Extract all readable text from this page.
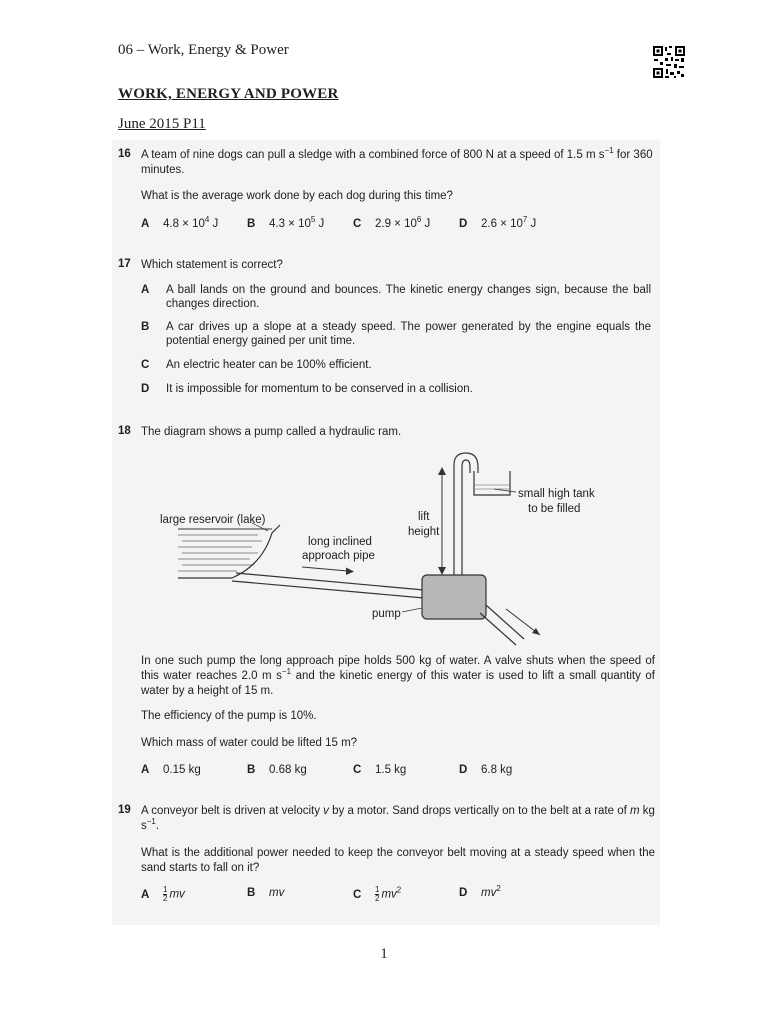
06 – Work, Energy & Power
WORK, ENERGY AND POWER
June 2015 P11
16 A team of nine dogs can pull a sledge with a combined force of 800 N at a speed of 1.5 m $s^{-1}$ for 360 minutes.
What is the average work done by each dog during this time?
A $4.8 \times 10^4$ J B $4.3 \times 10^5$ J C $2.9 \times 10^6$ J D $2.6 \times 10^7$ J
17 Which statement is correct?
A A ball lands on the ground and bounces. The kinetic energy changes sign, because the ball changes direction.
B A car drives up a slope at a steady speed. The power generated by the engine equals the potential energy gained per unit time.
C An electric heater can be 100% efficient.
D It is impossible for momentum to be conserved in a collision.
18 The diagram shows a pump called a hydraulic ram.
large reservoir (lake)
long inclined
approach pipe
lift
height
small high tank
to be filled
pump
In one such pump the long approach pipe holds 500 kg of water. A valve shuts when the speed of this water reaches 2.0 m $s^{-1}$ and the kinetic energy of this water is used to lift a small quantity of water by a height of 15 m.
The efficiency of the pump is 10%.
Which mass of water could be lifted 15 m?
A 0.15 kg	B 0.68 kg	C 1.5 kg	D 6.8 kg
19 A conveyor belt is driven at velocity v by a motor. Sand drops vertically on to the belt at a rate of m kg $s^{-1}$.
What is the additional power needed to keep the conveyor belt moving at a steady speed when the sand starts to fall on it?
A $\frac{1}{2}$ mv	B mv	C $\frac{1}{2} mv^2$	D $mv^2$
1
